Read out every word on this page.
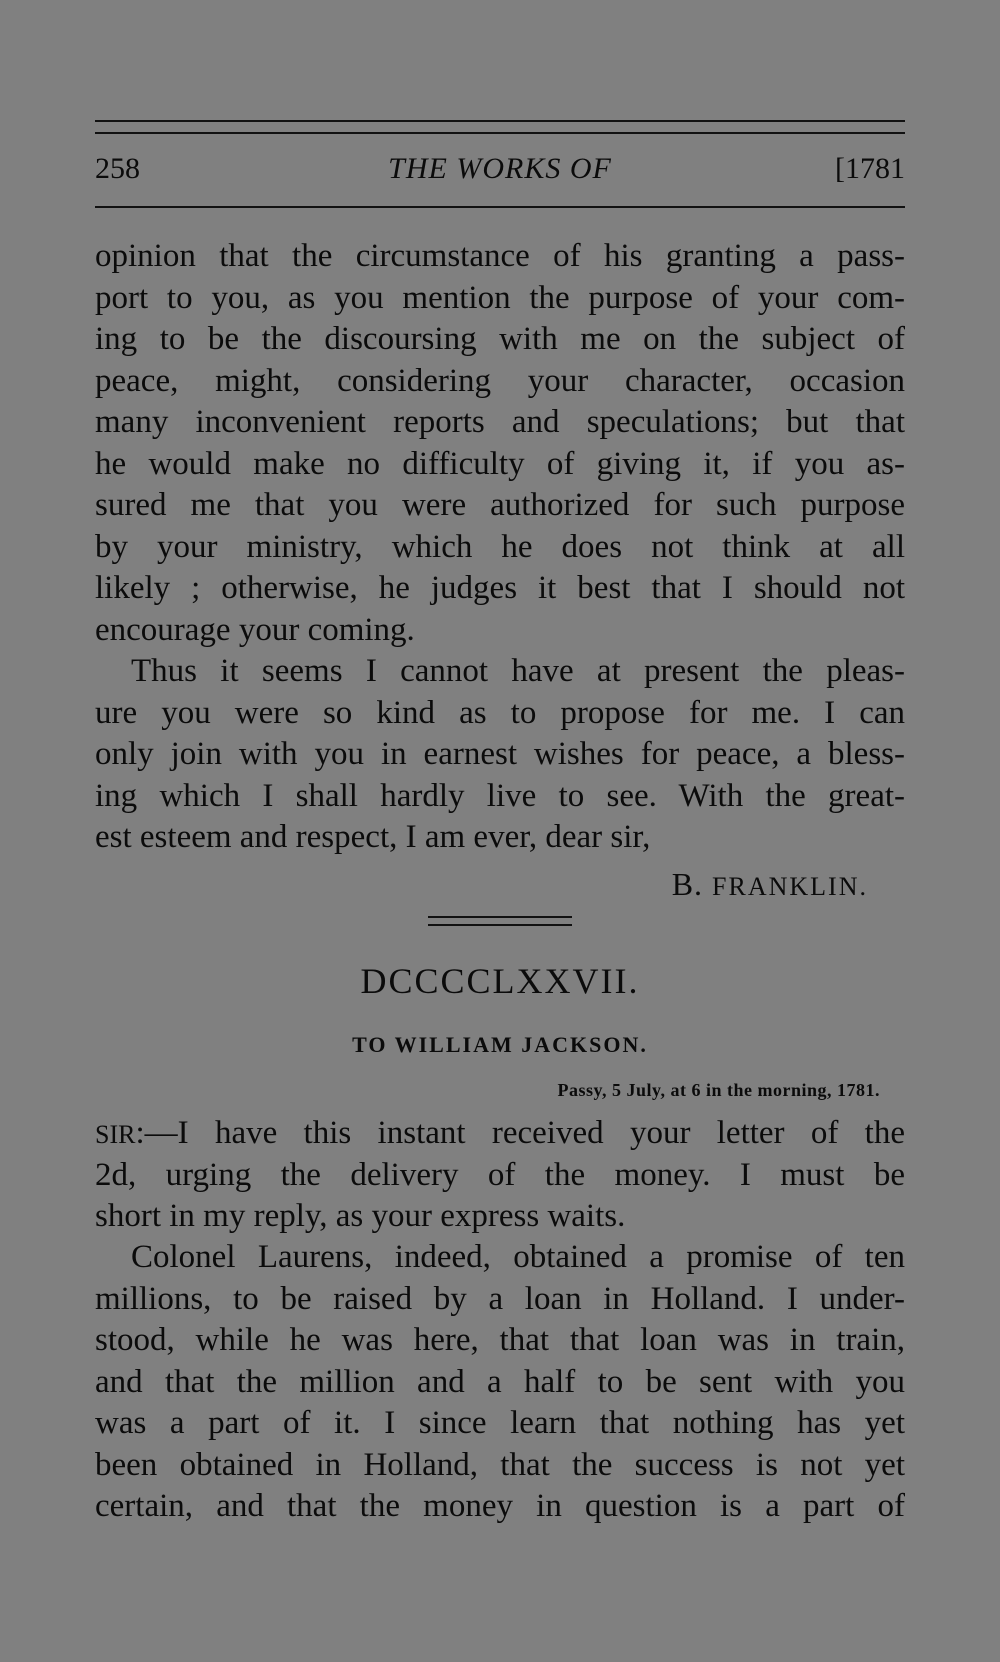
258	THE WORKS OF	[1781
opinion that the circumstance of his granting a pass-
port to you, as you mention the purpose of your com-
ing to be the discoursing with me on the subject of
peace, might, considering your character, occasion
many inconvenient reports and speculations; but that
he would make no difficulty of giving it, if you as-
sured me that you were authorized for such purpose
by your ministry, which he does not think at all
likely ; otherwise, he judges it best that I should not
encourage your coming.
Thus it seems I cannot have at present the pleas-
ure you were so kind as to propose for me. I can
only join with you in earnest wishes for peace, a bless-
ing which I shall hardly live to see. With the great-
est esteem and respect, I am ever, dear sir,
B. FRANKLIN.
DCCCCLXXVII.
TO WILLIAM JACKSON.
Passy, 5 July, at 6 in the morning, 1781.
SIR:—I have this instant received your letter of the
2d, urging the delivery of the money. I must be
short in my reply, as your express waits.
Colonel Laurens, indeed, obtained a promise of ten
millions, to be raised by a loan in Holland. I under-
stood, while he was here, that that loan was in train,
and that the million and a half to be sent with you
was a part of it. I since learn that nothing has yet
been obtained in Holland, that the success is not yet
certain, and that the money in question is a part of
